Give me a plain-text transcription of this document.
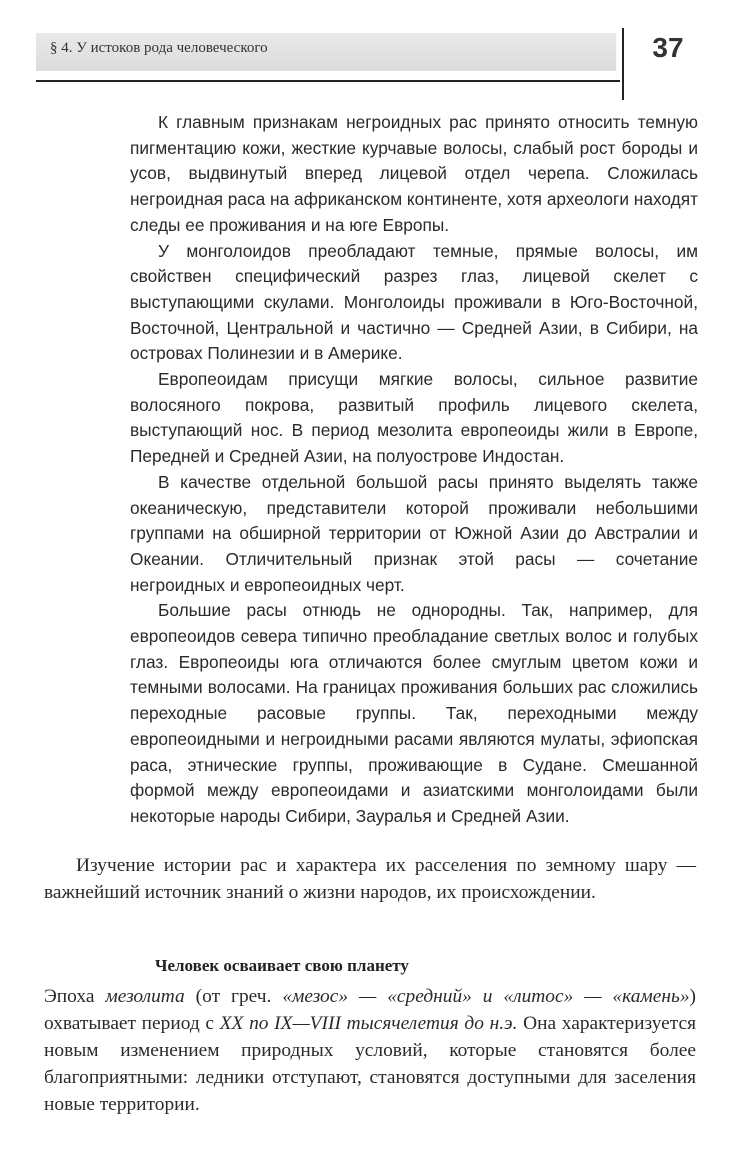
§ 4. У истоков рода человеческого	37

К главным признакам негроидных рас принято относить темную пигментацию кожи, жесткие курчавые волосы, слабый рост бороды и усов, выдвинутый вперед лицевой отдел черепа. Сложилась негроидная раса на африканском континенте, хотя археологи находят следы ее проживания и на юге Европы.

У монголоидов преобладают темные, прямые волосы, им свойствен специфический разрез глаз, лицевой скелет с выступающими скулами. Монголоиды проживали в Юго-Восточной, Восточной, Центральной и частично — Средней Азии, в Сибири, на островах Полинезии и в Америке.

Европеоидам присущи мягкие волосы, сильное развитие волосяного покрова, развитый профиль лицевого скелета, выступающий нос. В период мезолита европеоиды жили в Европе, Передней и Средней Азии, на полуострове Индостан.

В качестве отдельной большой расы принято выделять также океаническую, представители которой проживали небольшими группами на обширной территории от Южной Азии до Австралии и Океании. Отличительный признак этой расы — сочетание негроидных и европеоидных черт.

Большие расы отнюдь не однородны. Так, например, для европеоидов севера типично преобладание светлых волос и голубых глаз. Европеоиды юга отличаются более смуглым цветом кожи и темными волосами. На границах проживания больших рас сложились переходные расовые группы. Так, переходными между европеоидными и негроидными расами являются мулаты, эфиопская раса, этнические группы, проживающие в Судане. Смешанной формой между европеоидами и азиатскими монголоидами были некоторые народы Сибири, Зауралья и Средней Азии.

Изучение истории рас и характера их расселения по земному шару — важнейший источник знаний о жизни народов, их происхождении.

Человек осваивает свою планету

Эпоха мезолита (от греч. «мезос» — «средний» и «литос» — «камень») охватывает период с XX по IX—VIII тысячелетия до н.э. Она характеризуется новым изменением природных условий, которые становятся более благоприятными: ледники отступают, становятся доступными для заселения новые территории.
